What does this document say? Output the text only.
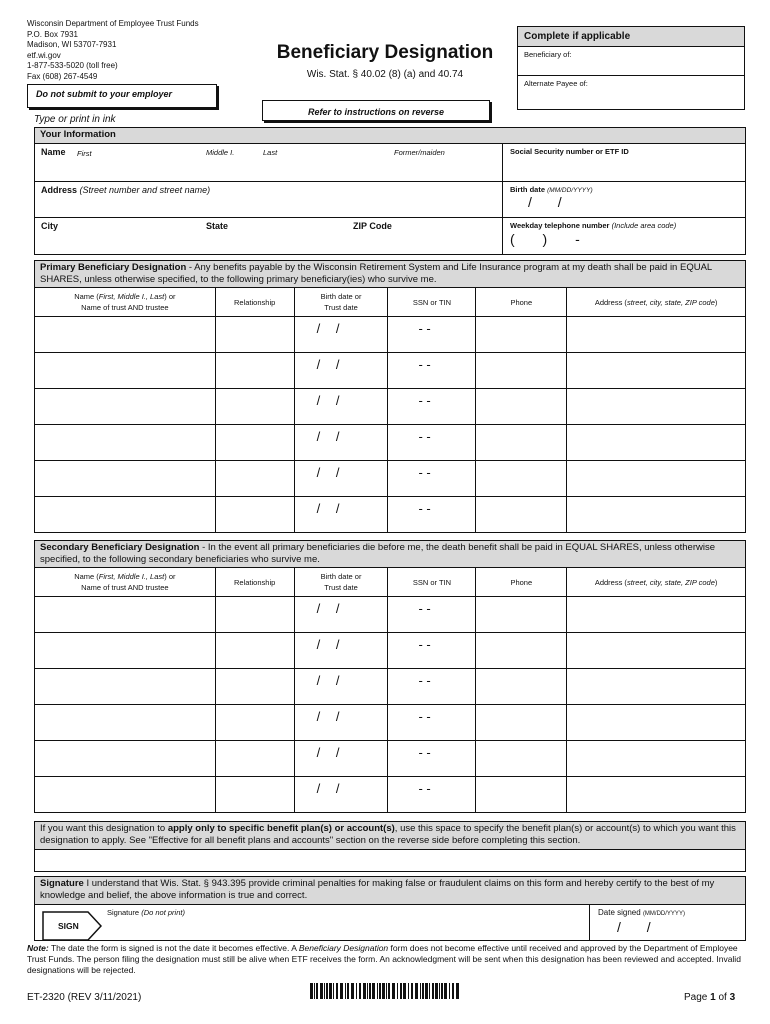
Wisconsin Department of Employee Trust Funds
P.O. Box 7931
Madison, WI 53707-7931
etf.wi.gov
1-877-533-5020 (toll free)
Fax (608) 267-4549
Beneficiary Designation
Wis. Stat. § 40.02 (8) (a) and 40.74
Do not submit to your employer
Refer to instructions on reverse
Complete if applicable
Beneficiary of:
Alternate Payee of:
Type or print in ink
Your Information
Name First	Middle I.	Last	Former/maiden	Social Security number or ETF ID
Address (Street number and street name)	Birth date (MM/DD/YYYY)
/ /
City	State	ZIP Code	Weekday telephone number (Include area code)
( ) -
Primary Beneficiary Designation - Any benefits payable by the Wisconsin Retirement System and Life Insurance program at my death shall be paid in EQUAL SHARES, unless otherwise specified, to the following primary beneficiary(ies) who survive me.
Name (First, Middle I., Last) or
Name of trust AND trustee	Relationship	Birth date or
Trust date	SSN or TIN	Phone	Address (street, city, state, ZIP code)
		/ /	- -		
		/ /	- -		
		/ /	- -		
		/ /	- -		
		/ /	- -		
		/ /	- -		
Secondary Beneficiary Designation - In the event all primary beneficiaries die before me, the death benefit shall be paid in EQUAL SHARES, unless otherwise specified, to the following secondary beneficiaries who survive me.
Name (First, Middle I., Last) or
Name of trust AND trustee	Relationship	Birth date or
Trust date	SSN or TIN	Phone	Address (street, city, state, ZIP code)
		/ /	- -		
		/ /	- -		
		/ /	- -		
		/ /	- -		
		/ /	- -		
		/ /	- -		
If you want this designation to apply only to specific benefit plan(s) or account(s), use this space to specify the benefit plan(s) or account(s) to which you want this designation to apply. See "Effective for all benefit plans and accounts" section on the reverse side before completing this section.
Signature I understand that Wis. Stat. § 943.395 provide criminal penalties for making false or fraudulent claims on this form and hereby certify to the best of my knowledge and belief, the above information is true and correct.
Signature (Do not print)	Date signed (MM/DD/YYYY)
/ /
SIGN
Note: The date the form is signed is not the date it becomes effective. A Beneficiary Designation form does not become effective until received and approved by the Department of Employee Trust Funds. The person filing the designation must still be alive when ETF receives the form. An acknowledgment will be sent when this designation has been reviewed and accepted. Invalid designations will be rejected.
ET-2320 (REV 3/11/2021)	Page 1 of 3
